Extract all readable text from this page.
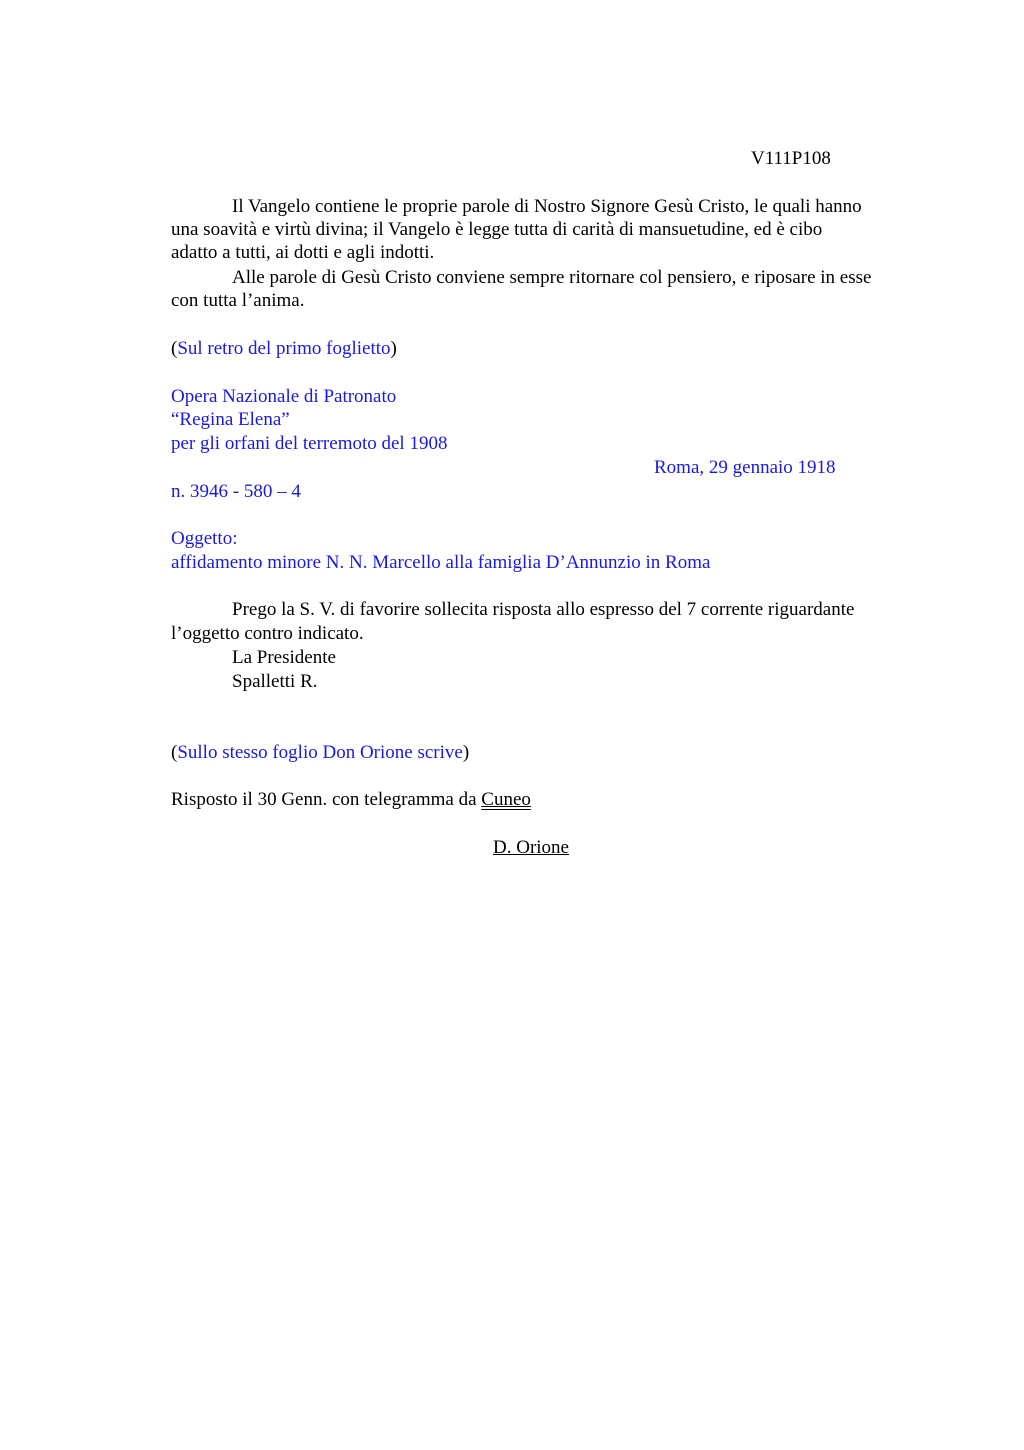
V111P108
Il Vangelo contiene le proprie parole di Nostro Signore Gesù Cristo, le quali hanno
una soavità e virtù divina; il Vangelo è legge tutta di carità di mansuetudine, ed è cibo
adatto a tutti, ai dotti e agli indotti.
Alle parole di Gesù Cristo conviene sempre ritornare col pensiero, e riposare in esse
con tutta l’anima.
(Sul retro del primo foglietto)
Opera Nazionale di Patronato
“Regina Elena”
per gli orfani del terremoto del 1908
Roma, 29 gennaio 1918
n. 3946 - 580 – 4
Oggetto:
affidamento minore N. N. Marcello alla famiglia D’Annunzio in Roma
Prego la S. V. di favorire sollecita risposta allo espresso del 7 corrente riguardante
l’oggetto contro indicato.
La Presidente
Spalletti R.
(Sullo stesso foglio Don Orione scrive)
Risposto il 30 Genn. con telegramma da Cuneo
D. Orione
